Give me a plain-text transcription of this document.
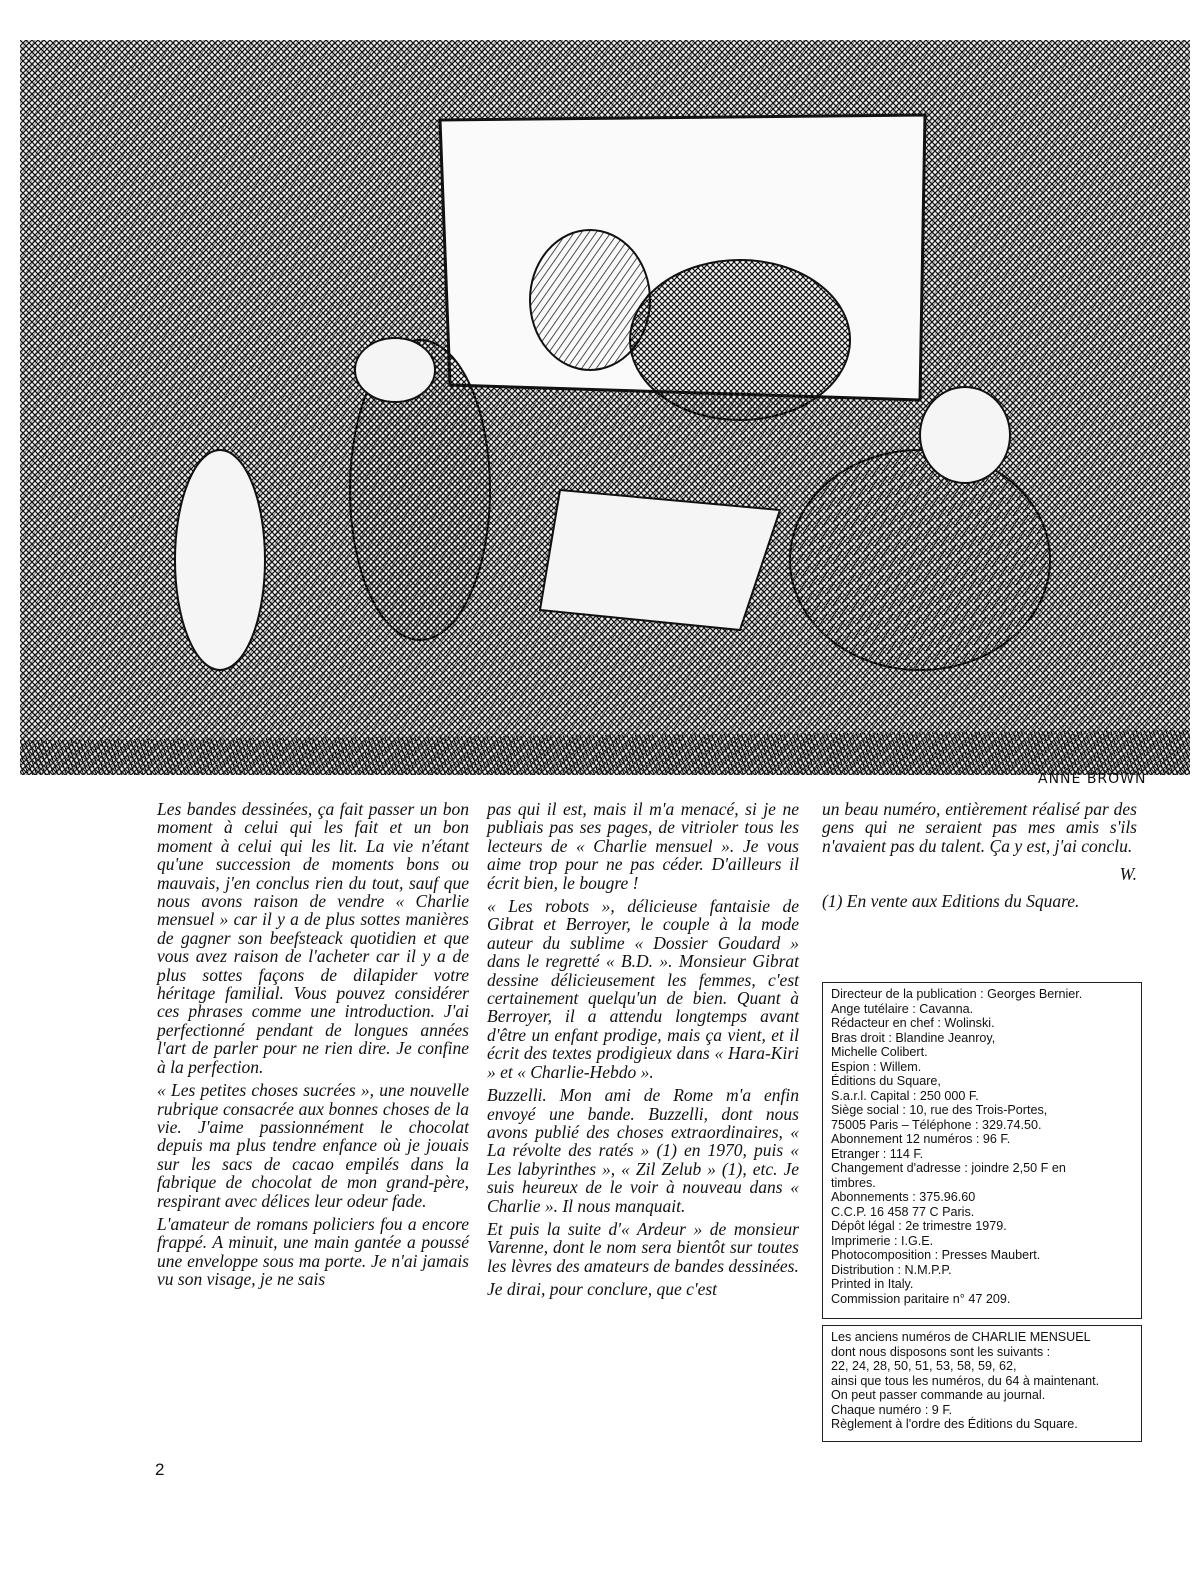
ANNE BROWN

Les bandes dessinées, ça fait passer un bon moment à celui qui les fait et un bon moment à celui qui les lit. La vie n'étant qu'une succession de moments bons ou mauvais, j'en conclus rien du tout, sauf que nous avons raison de vendre « Charlie mensuel » car il y a de plus sottes manières de gagner son beefsteack quotidien et que vous avez raison de l'acheter car il y a de plus sottes façons de dilapider votre héritage familial. Vous pouvez considérer ces phrases comme une introduction. J'ai perfectionné pendant de longues années l'art de parler pour ne rien dire. Je confine à la perfection.

« Les petites choses sucrées », une nouvelle rubrique consacrée aux bonnes choses de la vie. J'aime passionnément le chocolat depuis ma plus tendre enfance où je jouais sur les sacs de cacao empilés dans la fabrique de chocolat de mon grand-père, respirant avec délices leur odeur fade.

L'amateur de romans policiers fou a encore frappé. A minuit, une main gantée a poussé une enveloppe sous ma porte. Je n'ai jamais vu son visage, je ne sais

pas qui il est, mais il m'a menacé, si je ne publiais pas ses pages, de vitrioler tous les lecteurs de « Charlie mensuel ». Je vous aime trop pour ne pas céder. D'ailleurs il écrit bien, le bougre !

« Les robots », délicieuse fantaisie de Gibrat et Berroyer, le couple à la mode auteur du sublime « Dossier Goudard » dans le regretté « B.D. ». Monsieur Gibrat dessine délicieusement les femmes, c'est certainement quelqu'un de bien. Quant à Berroyer, il a attendu longtemps avant d'être un enfant prodige, mais ça vient, et il écrit des textes prodigieux dans « Hara-Kiri » et « Charlie-Hebdo ».

Buzzelli. Mon ami de Rome m'a enfin envoyé une bande. Buzzelli, dont nous avons publié des choses extraordinaires, « La révolte des ratés » (1) en 1970, puis « Les labyrinthes », « Zil Zelub » (1), etc. Je suis heureux de le voir à nouveau dans « Charlie ». Il nous manquait.

Et puis la suite d'« Ardeur » de monsieur Varenne, dont le nom sera bientôt sur toutes les lèvres des amateurs de bandes dessinées.

Je dirai, pour conclure, que c'est

un beau numéro, entièrement réalisé par des gens qui ne seraient pas mes amis s'ils n'avaient pas du talent. Ça y est, j'ai conclu.

W.

(1) En vente aux Editions du Square.

Directeur de la publication : Georges Bernier.
Ange tutélaire : Cavanna.
Rédacteur en chef : Wolinski.
Bras droit : Blandine Jeanroy,
Michelle Colibert.
Espion : Willem.
Éditions du Square,
S.a.r.l. Capital : 250 000 F.
Siège social : 10, rue des Trois-Portes,
75005 Paris – Téléphone : 329.74.50.
Abonnement 12 numéros : 96 F.
Etranger : 114 F.
Changement d'adresse : joindre 2,50 F en
timbres.
Abonnements : 375.96.60
C.C.P. 16 458 77 C Paris.
Dépôt légal : 2e trimestre 1979.
Imprimerie : I.G.E.
Photocomposition : Presses Maubert.
Distribution : N.M.P.P.
Printed in Italy.
Commission paritaire n° 47 209.
Les anciens numéros de CHARLIE MENSUEL
dont nous disposons sont les suivants :
22, 24, 28, 50, 51, 53, 58, 59, 62,
ainsi que tous les numéros, du 64 à maintenant.
On peut passer commande au journal.
Chaque numéro : 9 F.
Règlement à l'ordre des Éditions du Square.
2
